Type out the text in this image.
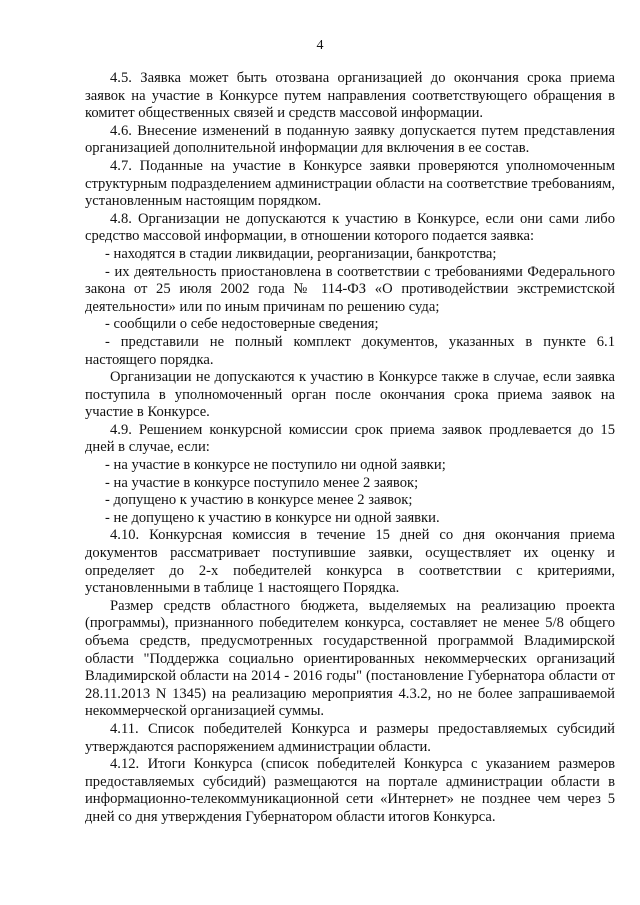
4

4.5. Заявка может быть отозвана организацией до окончания срока приема заявок на участие в Конкурсе путем направления соответствующего обращения в комитет общественных связей и средств массовой информации.

4.6. Внесение изменений в поданную заявку допускается путем представления организацией дополнительной информации для включения в ее состав.

4.7. Поданные на участие в Конкурсе заявки проверяются уполномоченным структурным подразделением администрации области на соответствие требованиям, установленным настоящим порядком.

4.8. Организации не допускаются к участию в Конкурсе, если они сами либо средство массовой информации, в отношении которого подается заявка:

- находятся в стадии ликвидации, реорганизации, банкротства;

- их деятельность приостановлена в соответствии с требованиями Федерального закона от 25 июля 2002 года № 114-ФЗ «О противодействии экстремистской деятельности» или по иным причинам по решению суда;

- сообщили о себе недостоверные сведения;

- представили не полный комплект документов, указанных в пункте 6.1 настоящего порядка.

Организации не допускаются к участию в Конкурсе также в случае, если заявка поступила в уполномоченный орган после окончания срока приема заявок на участие в Конкурсе.

4.9. Решением конкурсной комиссии срок приема заявок продлевается до 15 дней в случае, если:

- на участие в конкурсе не поступило ни одной заявки;

- на участие в конкурсе поступило менее 2 заявок;

- допущено к участию в конкурсе менее 2 заявок;

- не допущено к участию в конкурсе ни одной заявки.

4.10. Конкурсная комиссия в течение 15 дней со дня окончания приема документов рассматривает поступившие заявки, осуществляет их оценку и определяет до 2-х победителей конкурса в соответствии с критериями, установленными в таблице 1 настоящего Порядка.

Размер средств областного бюджета, выделяемых на реализацию проекта (программы), признанного победителем конкурса, составляет не менее 5/8 общего объема средств, предусмотренных государственной программой Владимирской области "Поддержка социально ориентированных некоммерческих организаций Владимирской области на 2014 - 2016 годы" (постановление Губернатора области от 28.11.2013 N 1345) на реализацию мероприятия 4.3.2, но не более запрашиваемой некоммерческой организацией суммы.

4.11. Список победителей Конкурса и размеры предоставляемых субсидий утверждаются распоряжением администрации области.

4.12. Итоги Конкурса (список победителей Конкурса с указанием размеров предоставляемых субсидий) размещаются на портале администрации области в информационно-телекоммуникационной сети «Интернет» не позднее чем через 5 дней со дня утверждения Губернатором области итогов Конкурса.
